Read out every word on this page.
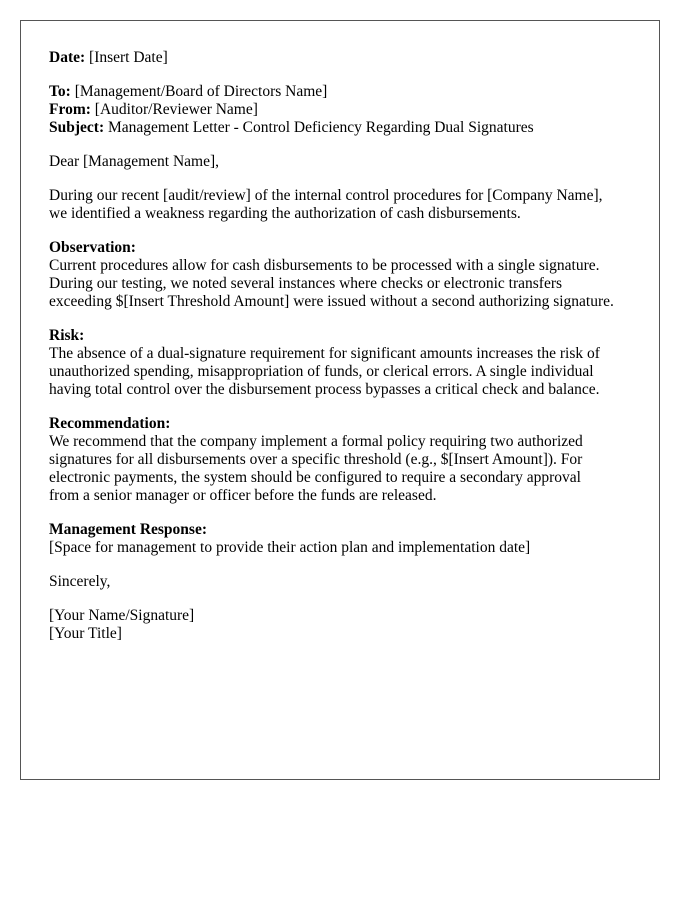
Date: [Insert Date]
To: [Management/Board of Directors Name]
From: [Auditor/Reviewer Name]
Subject: Management Letter - Control Deficiency Regarding Dual Signatures
Dear [Management Name],
During our recent [audit/review] of the internal control procedures for [Company Name],
we identified a weakness regarding the authorization of cash disbursements.
Observation:
Current procedures allow for cash disbursements to be processed with a single signature.
During our testing, we noted several instances where checks or electronic transfers
exceeding $[Insert Threshold Amount] were issued without a second authorizing signature.
Risk:
The absence of a dual-signature requirement for significant amounts increases the risk of
unauthorized spending, misappropriation of funds, or clerical errors. A single individual
having total control over the disbursement process bypasses a critical check and balance.
Recommendation:
We recommend that the company implement a formal policy requiring two authorized
signatures for all disbursements over a specific threshold (e.g., $[Insert Amount]). For
electronic payments, the system should be configured to require a secondary approval
from a senior manager or officer before the funds are released.
Management Response:
[Space for management to provide their action plan and implementation date]
Sincerely,
[Your Name/Signature]
[Your Title]
